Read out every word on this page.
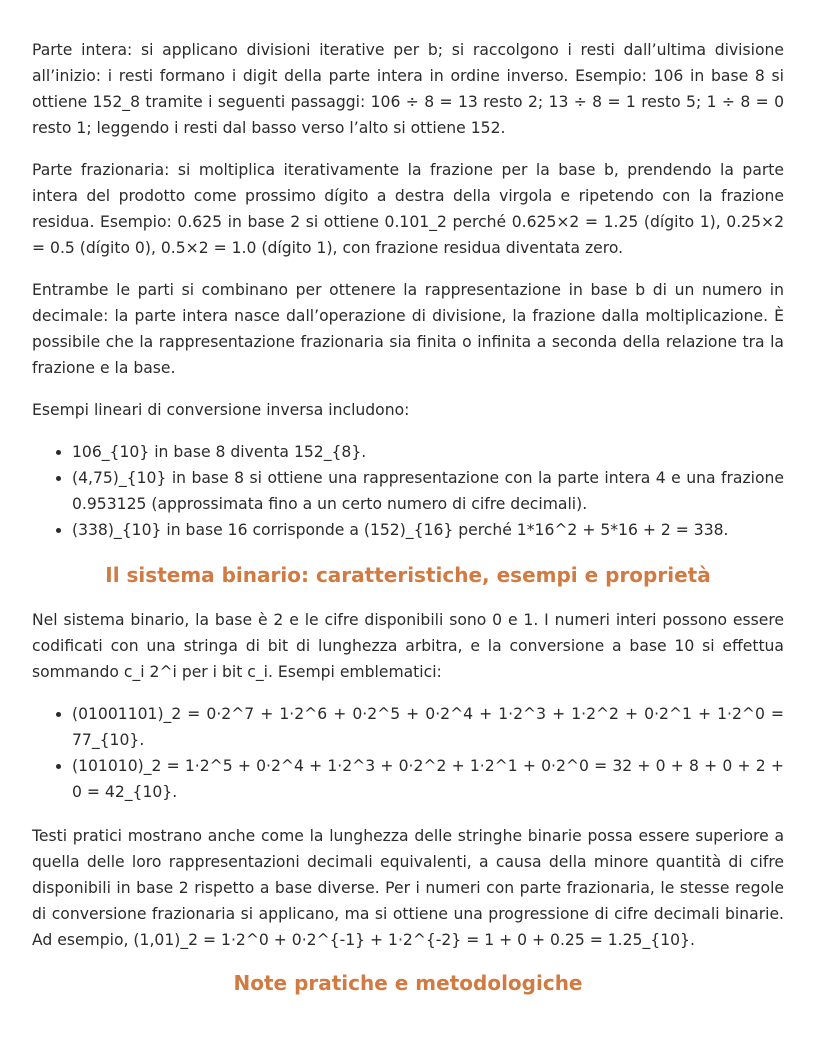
Parte intera: si applicano divisioni iterative per b; si raccolgono i resti dall’ultima divisione all’inizio: i resti formano i digit della parte intera in ordine inverso. Esempio: 106 in base 8 si ottiene 152_8 tramite i seguenti passaggi: 106 ÷ 8 = 13 resto 2; 13 ÷ 8 = 1 resto 5; 1 ÷ 8 = 0 resto 1; leggendo i resti dal basso verso l’alto si ottiene 152.

Parte frazionaria: si moltiplica iterativamente la frazione per la base b, prendendo la parte intera del prodotto come prossimo dígito a destra della virgola e ripetendo con la frazione residua. Esempio: 0.625 in base 2 si ottiene 0.101_2 perché 0.625×2 = 1.25 (dígito 1), 0.25×2 = 0.5 (dígito 0), 0.5×2 = 1.0 (dígito 1), con frazione residua diventata zero.

Entrambe le parti si combinano per ottenere la rappresentazione in base b di un numero in decimale: la parte intera nasce dall’operazione di divisione, la frazione dalla moltiplicazione. È possibile che la rappresentazione frazionaria sia finita o infinita a seconda della relazione tra la frazione e la base.

Esempi lineari di conversione inversa includono:

• 106_{10} in base 8 diventa 152_{8}.
• (4,75)_{10} in base 8 si ottiene una rappresentazione con la parte intera 4 e una frazione 0.953125 (approssimata fino a un certo numero di cifre decimali).
• (338)_{10} in base 16 corrisponde a (152)_{16} perché 1*16^2 + 5*16 + 2 = 338.
Il sistema binario: caratteristiche, esempi e proprietà

Nel sistema binario, la base è 2 e le cifre disponibili sono 0 e 1. I numeri interi possono essere codificati con una stringa di bit di lunghezza arbitra, e la conversione a base 10 si effettua sommando c_i 2^i per i bit c_i. Esempi emblematici:

• (01001101)_2 = 0·2^7 + 1·2^6 + 0·2^5 + 0·2^4 + 1·2^3 + 1·2^2 + 0·2^1 + 1·2^0 = 77_{10}.
• (101010)_2 = 1·2^5 + 0·2^4 + 1·2^3 + 0·2^2 + 1·2^1 + 0·2^0 = 32 + 0 + 8 + 0 + 2 + 0 = 42_{10}.

Testi pratici mostrano anche come la lunghezza delle stringhe binarie possa essere superiore a quella delle loro rappresentazioni decimali equivalenti, a causa della minore quantità di cifre disponibili in base 2 rispetto a base diverse. Per i numeri con parte frazionaria, le stesse regole di conversione frazionaria si applicano, ma si ottiene una progressione di cifre decimali binarie. Ad esempio, (1,01)_2 = 1·2^0 + 0·2^{-1} + 1·2^{-2} = 1 + 0 + 0.25 = 1.25_{10}.

Note pratiche e metodologiche
